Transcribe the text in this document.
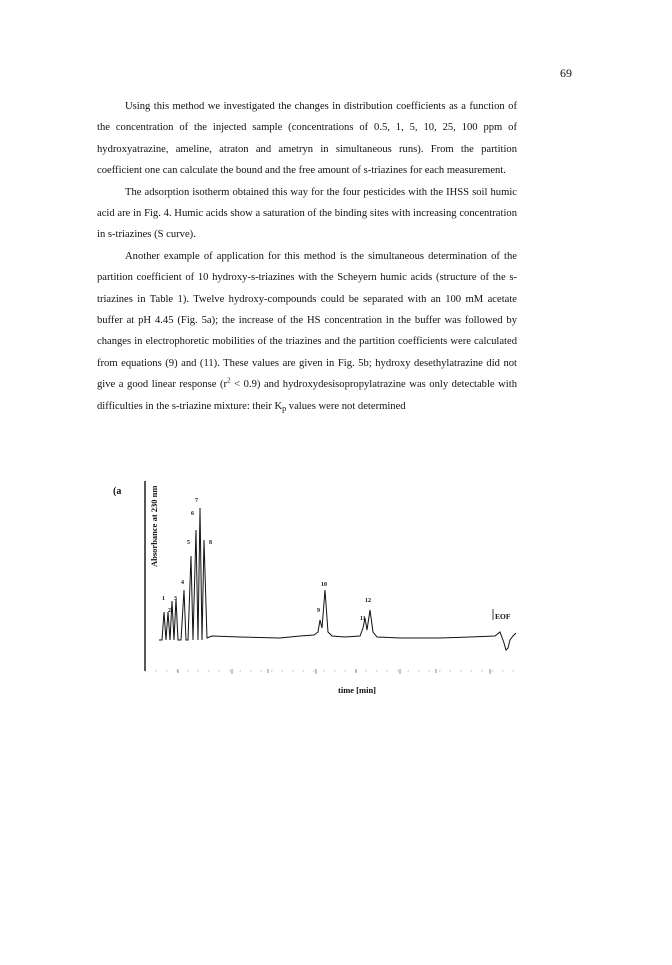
69

Using this method we investigated the changes in distribution coefficients as a function of the concentration of the injected sample (concentrations of 0.5, 1, 5, 10, 25, 100 ppm of hydroxyatrazine, ameline, atraton and ametryn in simultaneous runs). From the partition coefficient one can calculate the bound and the free amount of s-triazines for each measurement.

The adsorption isotherm obtained this way for the four pesticides with the IHSS soil humic acid are in Fig. 4. Humic acids show a saturation of the binding sites with increasing concentration in s-triazines (S curve).

Another example of application for this method is the simultaneous determination of the partition coefficient of 10 hydroxy-s-triazines with the Scheyern humic acids (structure of the s-triazines in Table 1). Twelve hydroxy-compounds could be separated with an 100 mM acetate buffer at pH 4.45 (Fig. 5a); the increase of the HS concentration in the buffer was followed by changes in electrophoretic mobilities of the triazines and the partition coefficients were calculated from equations (9) and (11). These values are given in Fig. 5b; hydroxy desethylatrazine did not give a good linear response $(r^2 < 0.9)$ and hydroxydesisopropylatrazine was only detectable with difficulties in the s-triazine mixture: their $K_p$ values were not determined

(a	Absorbance at 230 nm
time [min]
1
2
3
4
5
6
7
8
9
10
11
12
EOF
